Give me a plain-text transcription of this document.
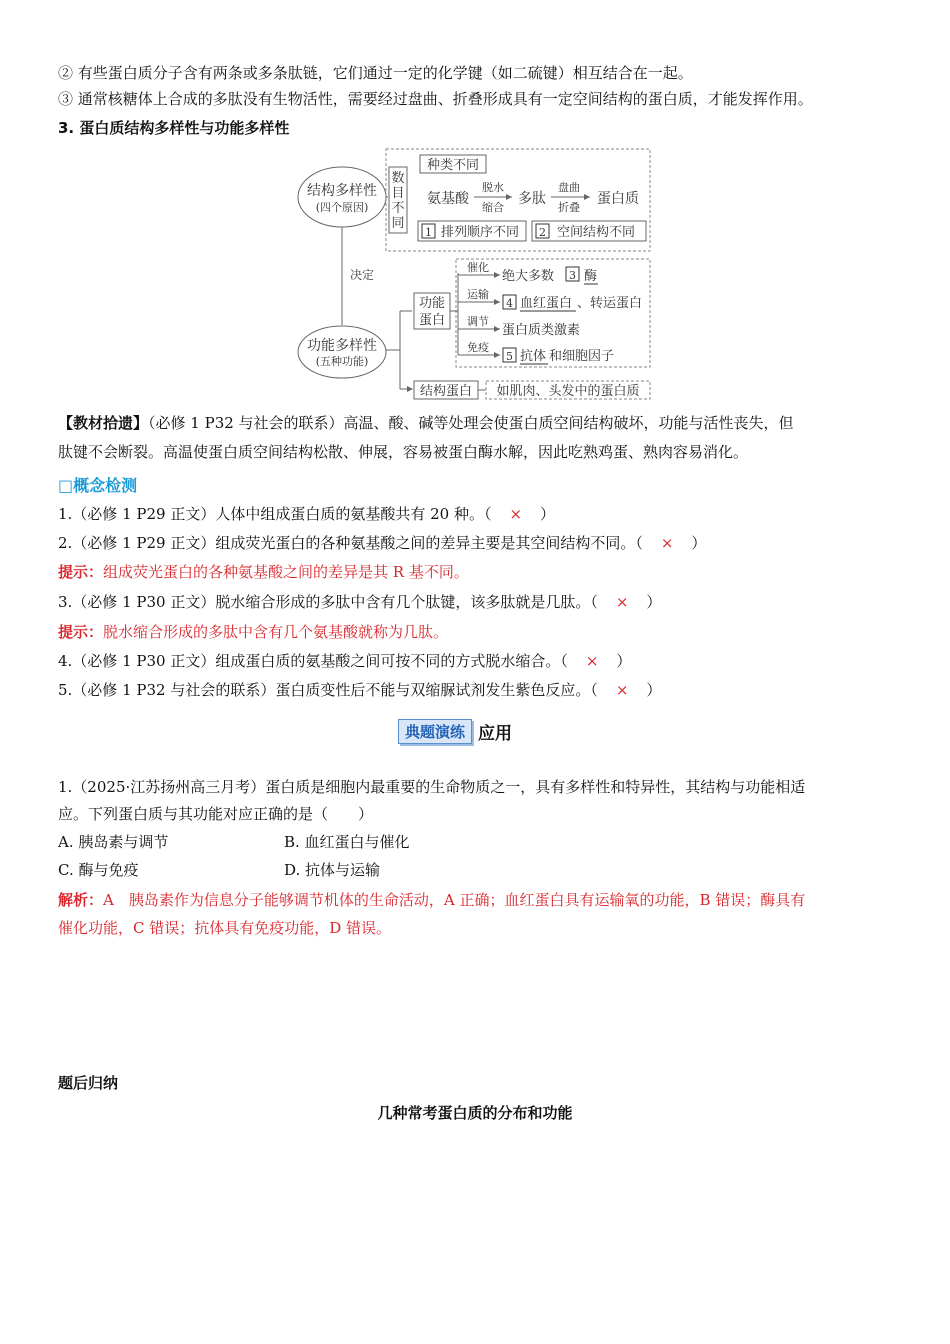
② 有些蛋白质分子含有两条或多条肽链，它们通过一定的化学键（如二硫键）相互结合在一起。
③ 通常核糖体上合成的多肽没有生物活性，需要经过盘曲、折叠形成具有一定空间结构的蛋白质，才能发挥作用。
3. 蛋白质结构多样性与功能多样性
结构多样性
(四个原因)
数
目
不
同
种类不同
氨基酸
脱水
缩合
多肽
盘曲
折叠
蛋白质
1 排列顺序不同 2 空间结构不同
决定
功能多样性
(五种功能)
功能
蛋白
催化
绝大多数 3 酶
运输
4 血红蛋白 、转运蛋白
调节
蛋白质类激素
免疫
5 抗体 和细胞因子
结构蛋白 如肌肉、头发中的蛋白质
【教材拾遗】（必修 1 P32 与社会的联系）高温、酸、碱等处理会使蛋白质空间结构破坏，功能与活性丧失，但
肽键不会断裂。高温使蛋白质空间结构松散、伸展，容易被蛋白酶水解，因此吃熟鸡蛋、熟肉容易消化。
□概念检测
1.（必修 1 P29 正文）人体中组成蛋白质的氨基酸共有 20 种。（ × ）
2.（必修 1 P29 正文）组成荧光蛋白的各种氨基酸之间的差异主要是其空间结构不同。（ × ）
提示：组成荧光蛋白的各种氨基酸之间的差异是其 R 基不同。
3.（必修 1 P30 正文）脱水缩合形成的多肽中含有几个肽键，该多肽就是几肽。（ × ）
提示：脱水缩合形成的多肽中含有几个氨基酸就称为几肽。
4.（必修 1 P30 正文）组成蛋白质的氨基酸之间可按不同的方式脱水缩合。（ × ）
5.（必修 1 P32 与社会的联系）蛋白质变性后不能与双缩脲试剂发生紫色反应。（ × ）
典题演练 应用
1.（2025·江苏扬州高三月考）蛋白质是细胞内最重要的生命物质之一，具有多样性和特异性，其结构与功能相适
应。下列蛋白质与其功能对应正确的是（　　）
A. 胰岛素与调节	B. 血红蛋白与催化
C. 酶与免疫	D. 抗体与运输
解析：A　胰岛素作为信息分子能够调节机体的生命活动，A 正确；血红蛋白具有运输氧的功能，B 错误；酶具有
催化功能，C 错误；抗体具有免疫功能，D 错误。
题后归纳
几种常考蛋白质的分布和功能
